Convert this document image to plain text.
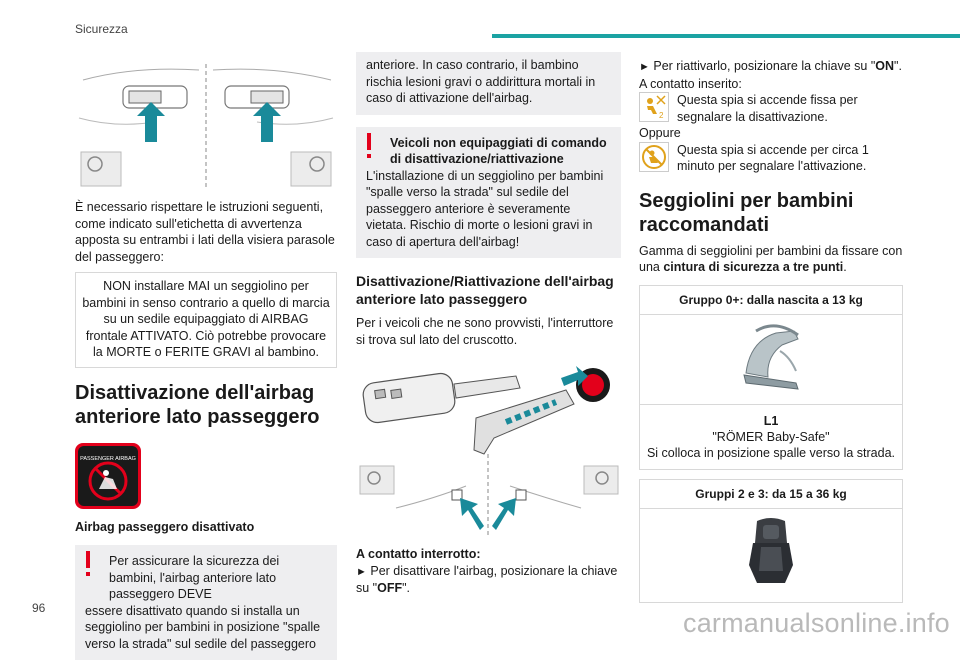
Sicurezza

È necessario rispettare le istruzioni seguenti, come indicato sull'etichetta di avvertenza apposta su entrambi i lati della visiera parasole del passeggero:

NON installare MAI un seggiolino per bambini in senso contrario a quello di marcia su un sedile equipaggiato di AIRBAG frontale ATTIVATO. Ciò potrebbe provocare la MORTE o FERITE GRAVI al bambino.

Disattivazione dell'airbag anteriore lato passeggero

PASSENGER AIRBAG

Airbag passeggero disattivato

Per assicurare la sicurezza dei bambini, l'airbag anteriore lato passeggero DEVE
essere disattivato quando si installa un seggiolino per bambini in posizione "spalle verso la strada" sul sedile del passeggero
anteriore. In caso contrario, il bambino rischia lesioni gravi o addirittura mortali in caso di attivazione dell'airbag.
Veicoli non equipaggiati di comando di disattivazione/riattivazione
L'installazione di un seggiolino per bambini "spalle verso la strada" sul sedile del passeggero anteriore è severamente vietata. Rischio di morte o lesioni gravi in caso di apertura dell'airbag!

Disattivazione/Riattivazione dell'airbag anteriore lato passeggero

Per i veicoli che ne sono provvisti, l'interruttore si trova sul lato del cruscotto.

A contatto interrotto:

► Per disattivare l'airbag, posizionare la chiave su "OFF".

► Per riattivarlo, posizionare la chiave su "ON".

A contatto inserito:

2
Questa spia si accende fissa per segnalare la disattivazione.

Oppure

Questa spia si accende per circa 1 minuto per segnalare l'attivazione.

Seggiolini per bambini raccomandati

Gamma di seggiolini per bambini da fissare con una cintura di sicurezza a tre punti.

Gruppo 0+: dalla nascita a 13 kg
L1
"RÖMER Baby-Safe"
Si colloca in posizione spalle verso la strada.
Gruppi 2 e 3: da 15 a 36 kg
96	carmanualsonline.info
